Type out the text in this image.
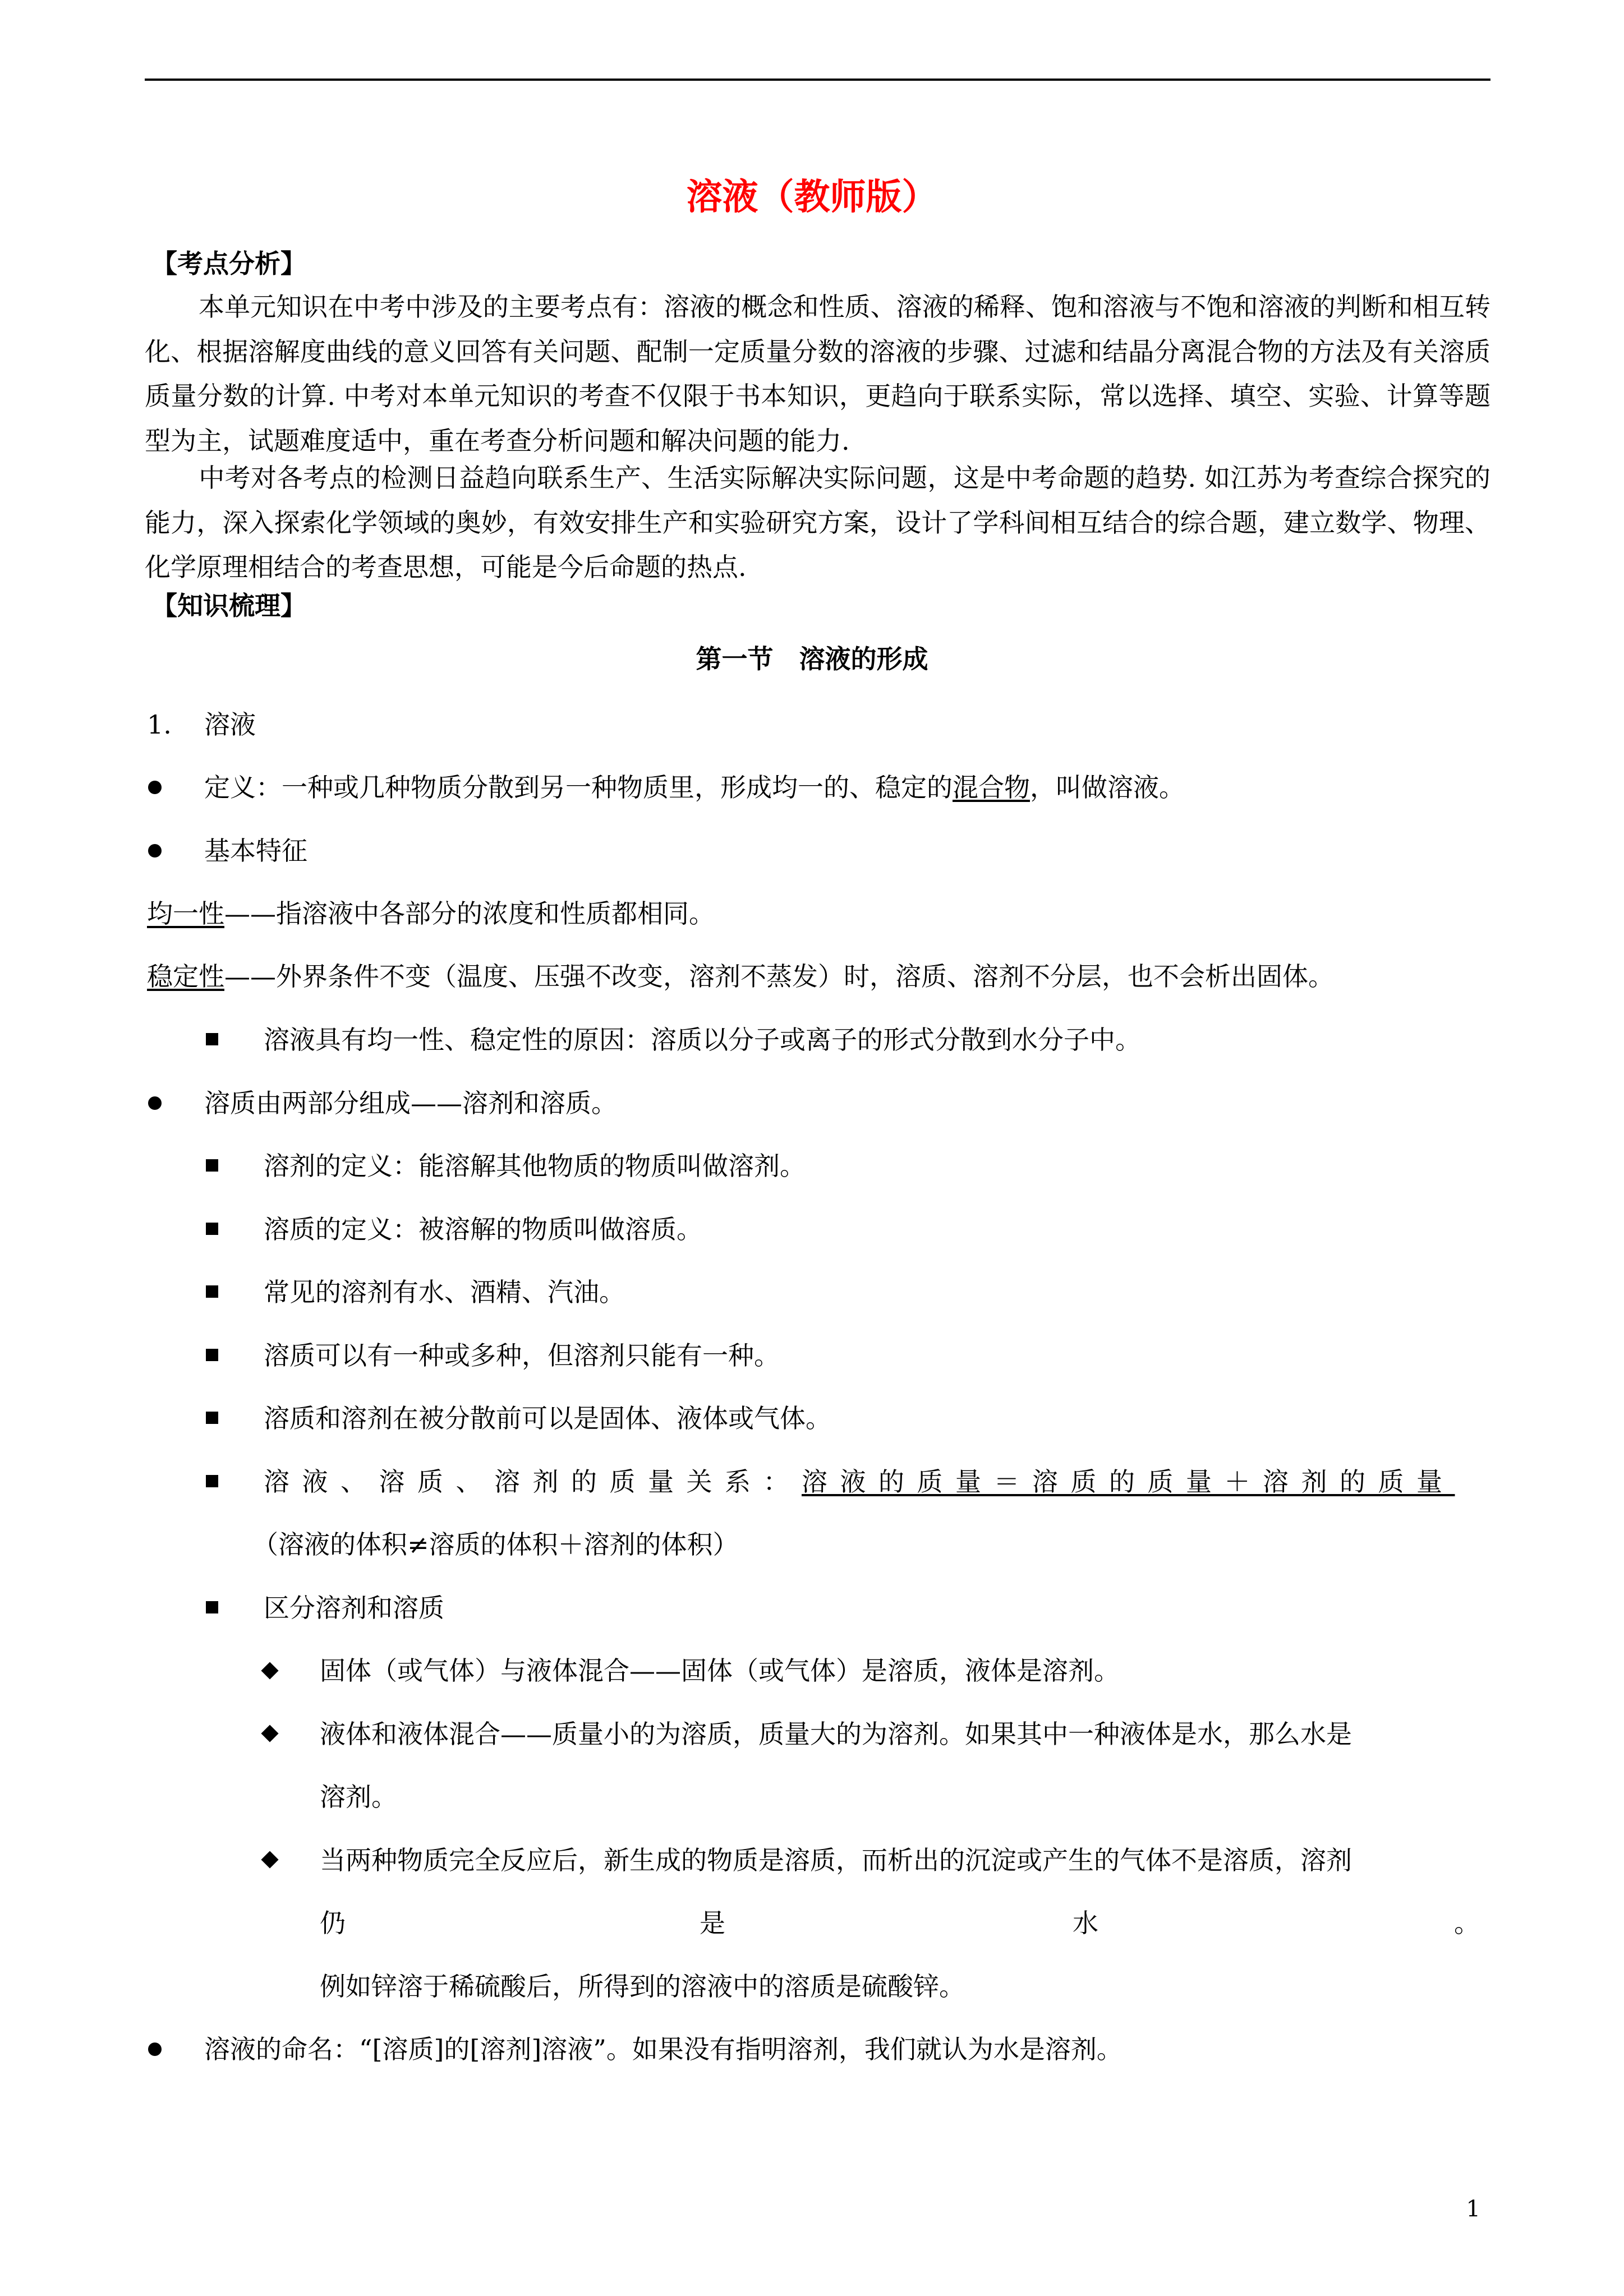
溶液（教师版）
【考点分析】
本单元知识在中考中涉及的主要考点有：溶液的概念和性质、溶液的稀释、饱和溶液与不饱和溶液的判断和相互转化、根据溶解度曲线的意义回答有关问题、配制一定质量分数的溶液的步骤、过滤和结晶分离混合物的方法及有关溶质质量分数的计算. 中考对本单元知识的考查不仅限于书本知识，更趋向于联系实际，常以选择、填空、实验、计算等题型为主，试题难度适中，重在考查分析问题和解决问题的能力.
中考对各考点的检测日益趋向联系生产、生活实际解决实际问题，这是中考命题的趋势. 如江苏为考查综合探究的能力，深入探索化学领域的奥妙，有效安排生产和实验研究方案，设计了学科间相互结合的综合题，建立数学、物理、化学原理相结合的考查思想，可能是今后命题的热点.
【知识梳理】
第一节　溶液的形成
1. 溶液
定义：一种或几种物质分散到另一种物质里，形成均一的、稳定的混合物，叫做溶液。
基本特征
均一性——指溶液中各部分的浓度和性质都相同。
稳定性——外界条件不变（温度、压强不改变，溶剂不蒸发）时，溶质、溶剂不分层，也不会析出固体。
溶液具有均一性、稳定性的原因：溶质以分子或离子的形式分散到水分子中。
溶质由两部分组成——溶剂和溶质。
溶剂的定义：能溶解其他物质的物质叫做溶剂。
溶质的定义：被溶解的物质叫做溶质。
常见的溶剂有水、酒精、汽油。
溶质可以有一种或多种，但溶剂只能有一种。
溶质和溶剂在被分散前可以是固体、液体或气体。
溶液、溶质、溶剂的质量关系：溶液的质量＝溶质的质量＋溶剂的质量
（溶液的体积≠溶质的体积＋溶剂的体积）
区分溶剂和溶质
固体（或气体）与液体混合——固体（或气体）是溶质，液体是溶剂。
液体和液体混合——质量小的为溶质，质量大的为溶剂。如果其中一种液体是水，那么水是
溶剂。
当两种物质完全反应后，新生成的物质是溶质，而析出的沉淀或产生的气体不是溶质，溶剂
仍	是	水	。
例如锌溶于稀硫酸后，所得到的溶液中的溶质是硫酸锌。
溶液的命名：“[溶质]的[溶剂]溶液”。如果没有指明溶剂，我们就认为水是溶剂。
1
